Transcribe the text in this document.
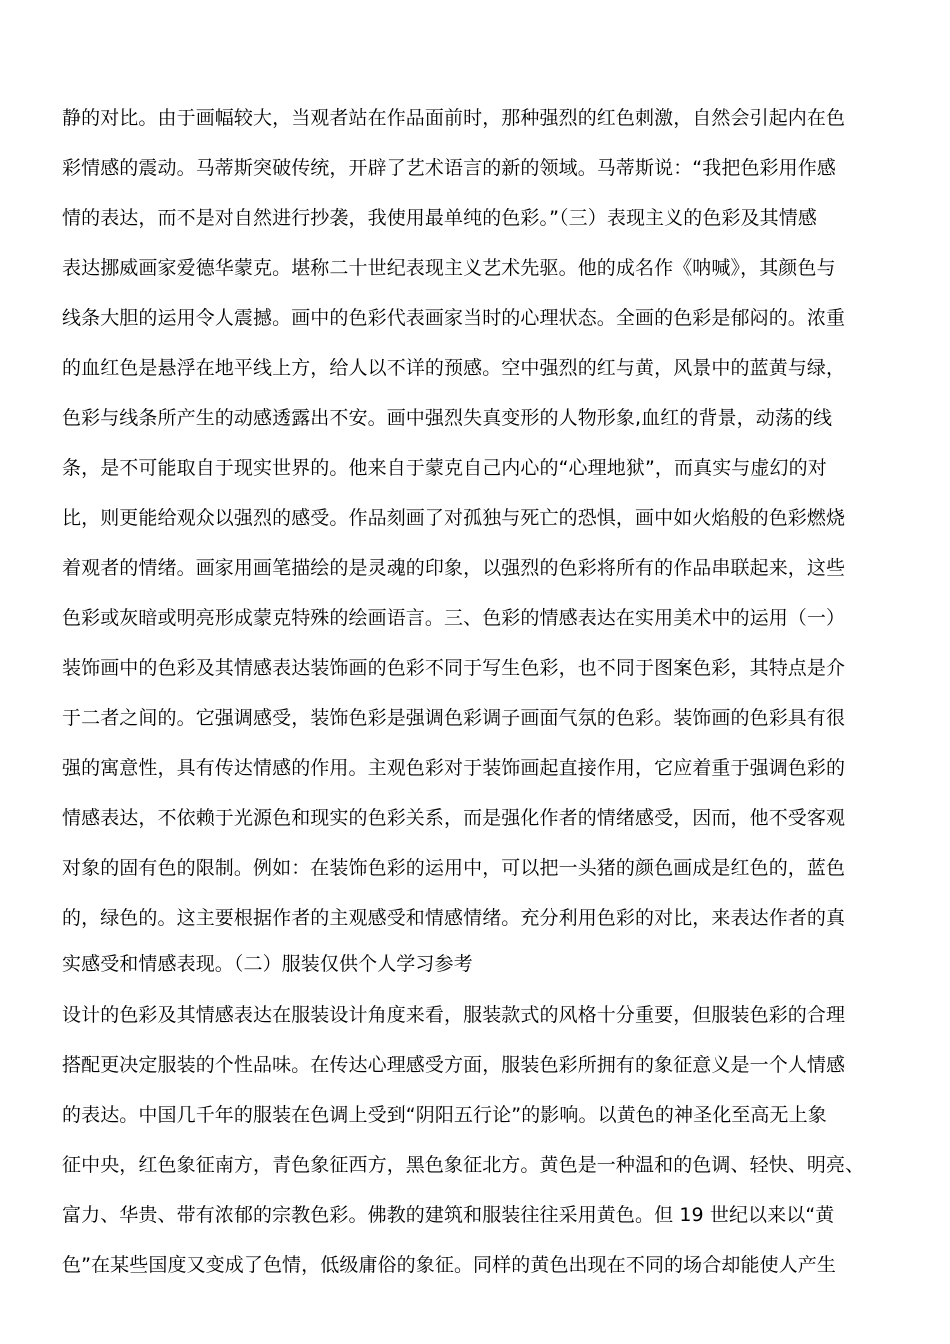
静的对比。由于画幅较大，当观者站在作品面前时，那种强烈的红色刺激，自然会引起内在色

彩情感的震动。马蒂斯突破传统，开辟了艺术语言的新的领域。马蒂斯说：“我把色彩用作感

情的表达，而不是对自然进行抄袭，我使用最单纯的色彩。”（三）表现主义的色彩及其情感

表达挪威画家爱德华蒙克。堪称二十世纪表现主义艺术先驱。他的成名作《呐喊》，其颜色与

线条大胆的运用令人震撼。画中的色彩代表画家当时的心理状态。全画的色彩是郁闷的。浓重

的血红色是悬浮在地平线上方，给人以不详的预感。空中强烈的红与黄，风景中的蓝黄与绿，

色彩与线条所产生的动感透露出不安。画中强烈失真变形的人物形象,血红的背景，动荡的线

条，是不可能取自于现实世界的。他来自于蒙克自己内心的“心理地狱”，而真实与虚幻的对

比，则更能给观众以强烈的感受。作品刻画了对孤独与死亡的恐惧，画中如火焰般的色彩燃烧

着观者的情绪。画家用画笔描绘的是灵魂的印象，以强烈的色彩将所有的作品串联起来，这些

色彩或灰暗或明亮形成蒙克特殊的绘画语言。三、色彩的情感表达在实用美术中的运用（一）

装饰画中的色彩及其情感表达装饰画的色彩不同于写生色彩，也不同于图案色彩，其特点是介

于二者之间的。它强调感受，装饰色彩是强调色彩调子画面气氛的色彩。装饰画的色彩具有很

强的寓意性，具有传达情感的作用。主观色彩对于装饰画起直接作用，它应着重于强调色彩的

情感表达，不依赖于光源色和现实的色彩关系，而是强化作者的情绪感受，因而，他不受客观

对象的固有色的限制。例如：在装饰色彩的运用中，可以把一头猪的颜色画成是红色的，蓝色

的，绿色的。这主要根据作者的主观感受和情感情绪。充分利用色彩的对比，来表达作者的真

实感受和情感表现。（二）服装仅供个人学习参考

设计的色彩及其情感表达在服装设计角度来看，服装款式的风格十分重要，但服装色彩的合理

搭配更决定服装的个性品味。在传达心理感受方面，服装色彩所拥有的象征意义是一个人情感

的表达。中国几千年的服装在色调上受到“阴阳五行论”的影响。以黄色的神圣化至高无上象

征中央，红色象征南方，青色象征西方，黑色象征北方。黄色是一种温和的色调、轻快、明亮、

富力、华贵、带有浓郁的宗教色彩。佛教的建筑和服装往往采用黄色。但 19 世纪以来以“黄

色”在某些国度又变成了色情，低级庸俗的象征。同样的黄色出现在不同的场合却能使人产生
